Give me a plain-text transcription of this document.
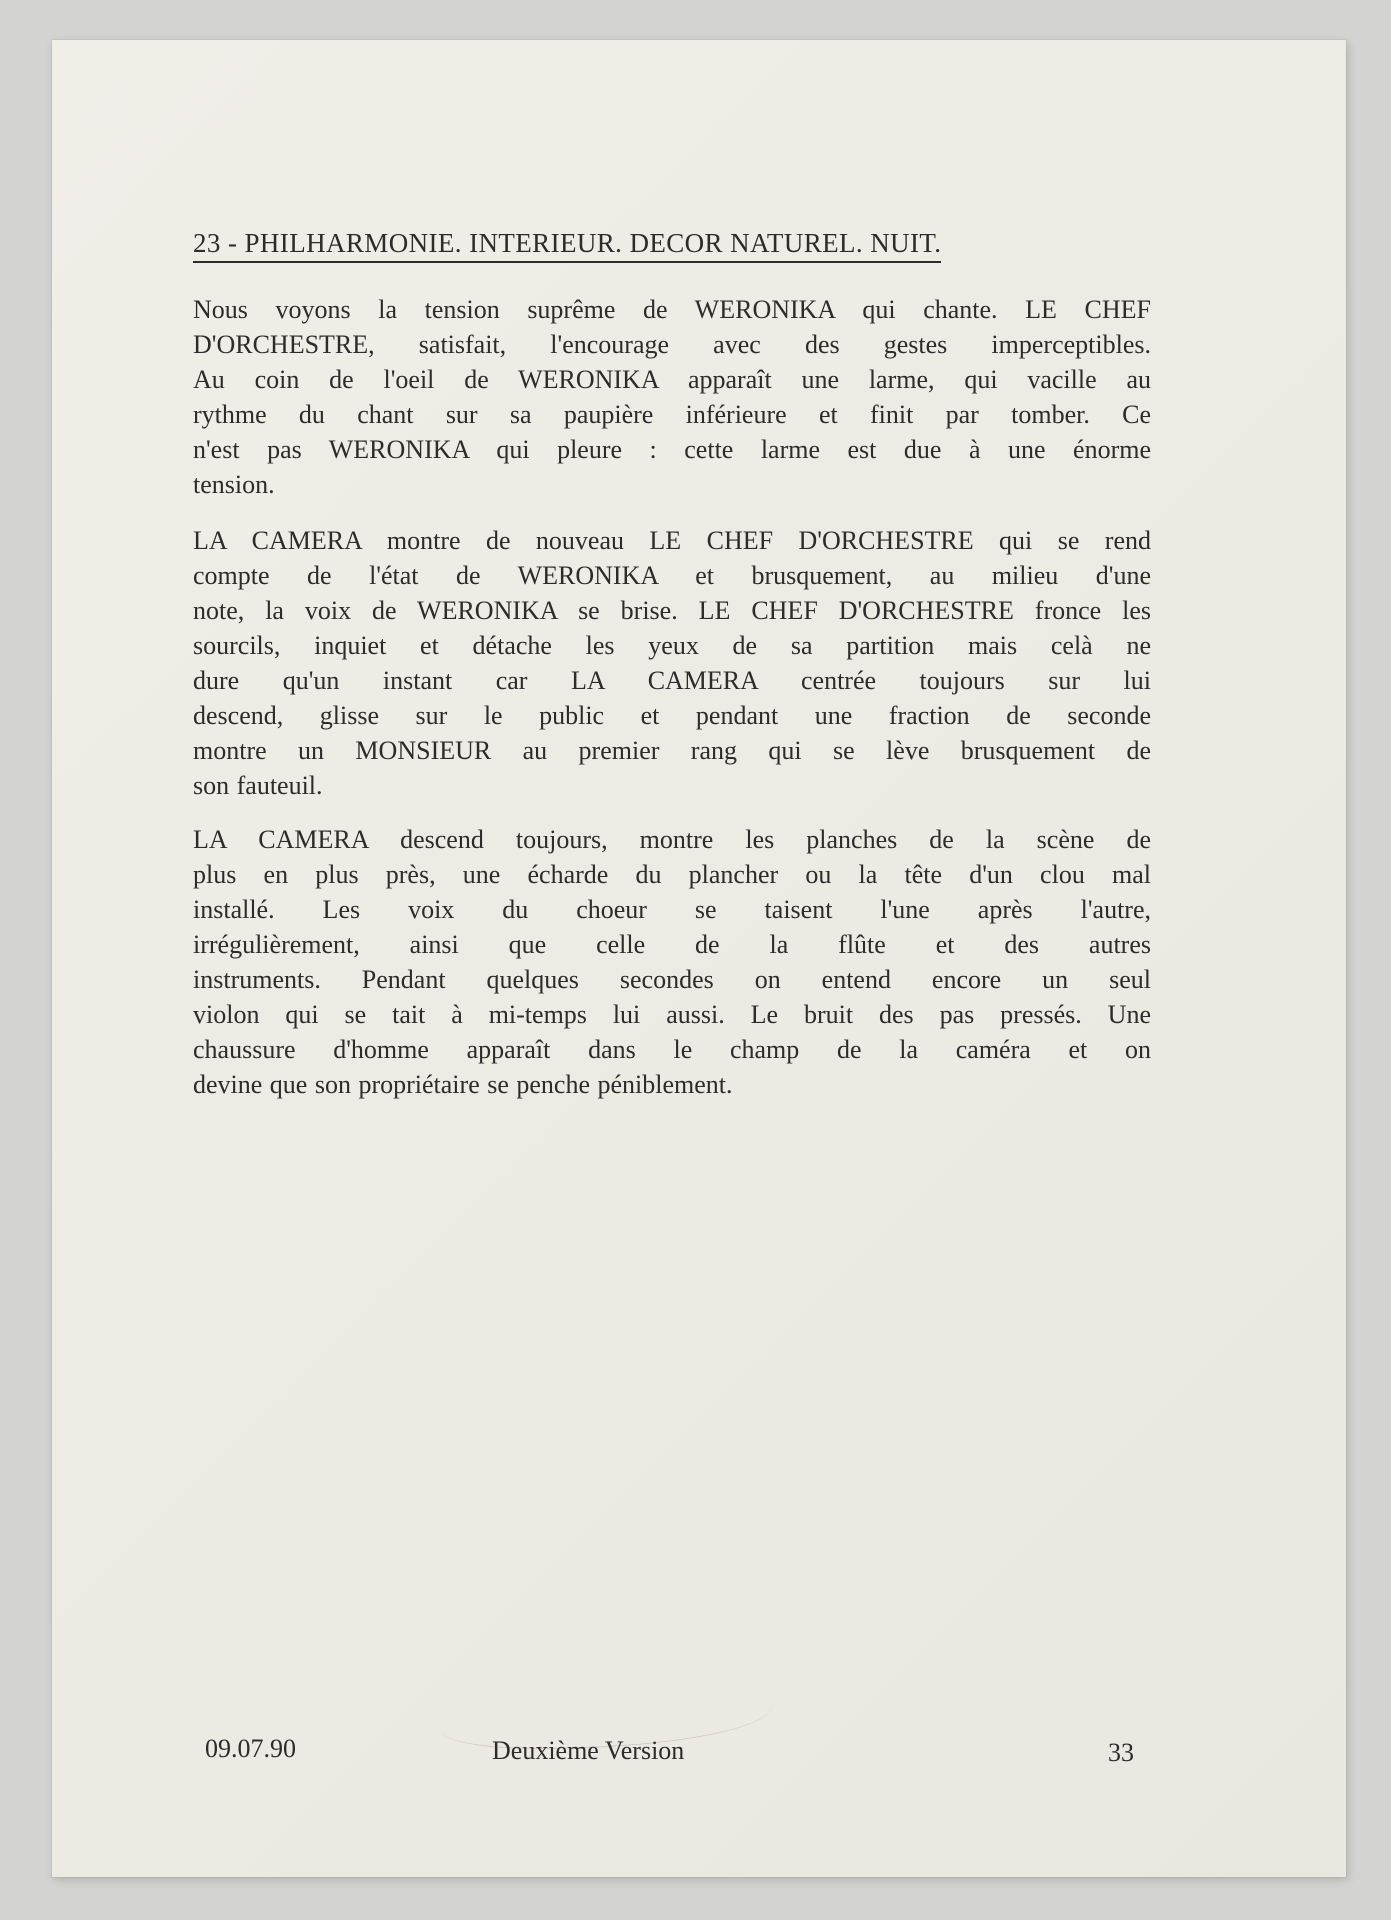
23 - PHILHARMONIE. INTERIEUR. DECOR NATUREL. NUIT.
Nous voyons la tension suprême de WERONIKA qui chante. LE CHEF
D'ORCHESTRE, satisfait, l'encourage avec des gestes imperceptibles.
Au coin de l'oeil de WERONIKA apparaît une larme, qui vacille au
rythme du chant sur sa paupière inférieure et finit par tomber. Ce
n'est pas WERONIKA qui pleure : cette larme est due à une énorme
tension.
LA CAMERA montre de nouveau LE CHEF D'ORCHESTRE qui se rend
compte de l'état de WERONIKA et brusquement, au milieu d'une
note, la voix de WERONIKA se brise. LE CHEF D'ORCHESTRE fronce les
sourcils, inquiet et détache les yeux de sa partition mais celà ne
dure qu'un instant car LA CAMERA centrée toujours sur lui
descend, glisse sur le public et pendant une fraction de seconde
montre un MONSIEUR au premier rang qui se lève brusquement de
son fauteuil.
LA CAMERA descend toujours, montre les planches de la scène de
plus en plus près, une écharde du plancher ou la tête d'un clou mal
installé. Les voix du choeur se taisent l'une après l'autre,
irrégulièrement, ainsi que celle de la flûte et des autres
instruments. Pendant quelques secondes on entend encore un seul
violon qui se tait à mi-temps lui aussi. Le bruit des pas pressés. Une
chaussure d'homme apparaît dans le champ de la caméra et on
devine que son propriétaire se penche péniblement.
09.07.90	Deuxième Version	33
